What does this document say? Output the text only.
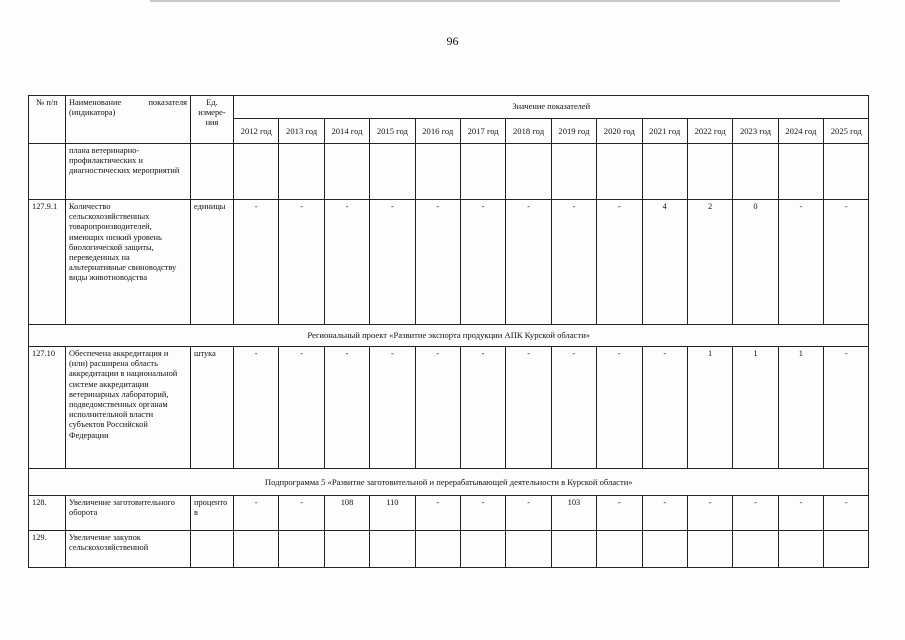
96
№ п/п	Наименование показателя (индикатора)	Ед. измере-ния	Значение показателей													
			2012 год	2013 год	2014 год	2015 год	2016 год	2017 год	2018 год	2019 год	2020 год	2021 год	2022 год	2023 год	2024 год	2025 год
	плана ветеринарно-профилактических и диагностических мероприятий															
127.9.1	Количество сельскохозяйственных товаропроизводителей, имеющих низкий уровень биологической защиты, переведенных на альтернативные свиноводству виды животноводства	единицы	-	-	-	-	-	-	-	-	-	4	2	0	-	-
Региональный проект «Развитие экспорта продукции АПК Курской области»																
127.10	Обеспечена аккредитация и (или) расширена область аккредитации в национальной системе аккредитации ветеринарных лабораторий, подведомственных органам исполнительной власти субъектов Российской Федерации	штука	-	-	-	-	-	-	-	-	-	-	1	1	1	-
Подпрограмма 5 «Развитие заготовительной и перерабатывающей деятельности в Курской области»																
128.	Увеличение заготовительного оборота	процентов	-	-	108	110	-	-	-	103	-	-	-	-	-	-
129.	Увеличение закупок сельскохозяйственной															
